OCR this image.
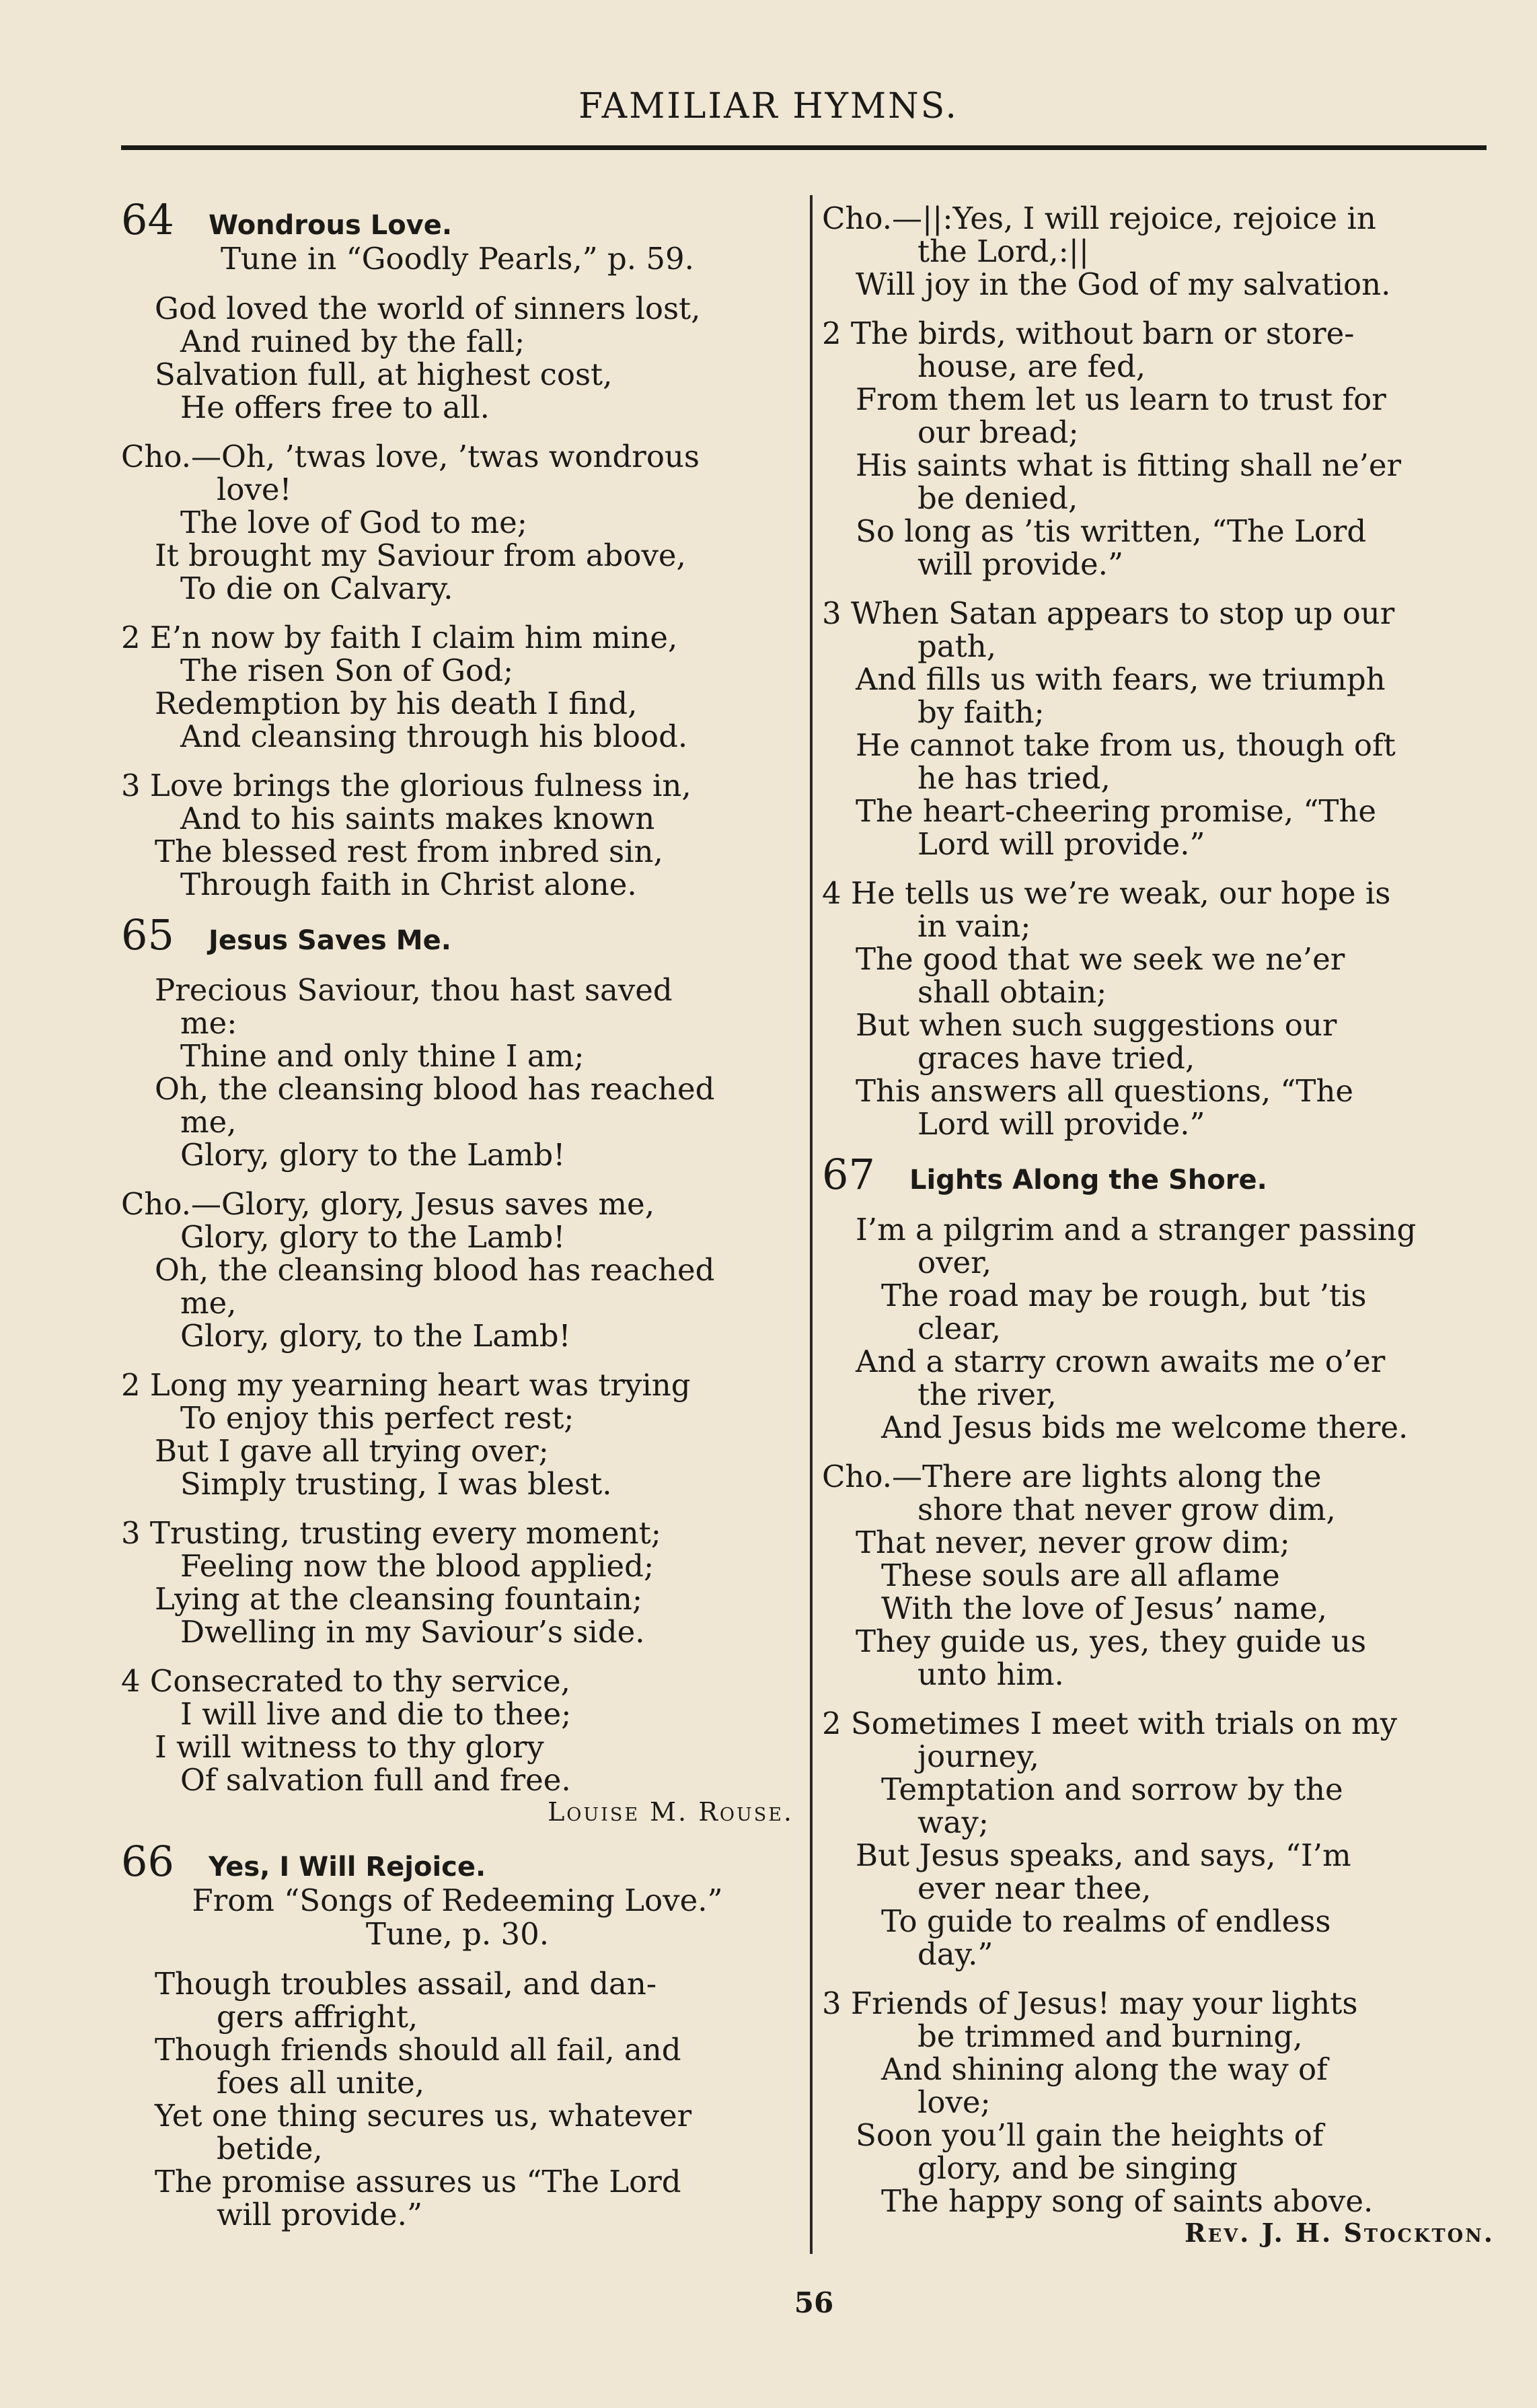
FAMILIAR HYMNS.
64	Wondrous Love.
Tune in “Goodly Pearls,” p. 59.
God loved the world of sinners lost,
And ruined by the fall;
Salvation full, at highest cost,
He offers free to all.
Cho.—Oh, ’twas love, ’twas wondrous
love!
The love of God to me;
It brought my Saviour from above,
To die on Calvary.
2 E’n now by faith I claim him mine,
The risen Son of God;
Redemption by his death I find,
And cleansing through his blood.
3 Love brings the glorious fulness in,
And to his saints makes known
The blessed rest from inbred sin,
Through faith in Christ alone.
65	Jesus Saves Me.
Precious Saviour, thou hast saved
me:
Thine and only thine I am;
Oh, the cleansing blood has reached
me,
Glory, glory to the Lamb!
Cho.—Glory, glory, Jesus saves me,
Glory, glory to the Lamb!
Oh, the cleansing blood has reached
me,
Glory, glory, to the Lamb!
2 Long my yearning heart was trying
To enjoy this perfect rest;
But I gave all trying over;
Simply trusting, I was blest.
3 Trusting, trusting every moment;
Feeling now the blood applied;
Lying at the cleansing fountain;
Dwelling in my Saviour’s side.
4 Consecrated to thy service,
I will live and die to thee;
I will witness to thy glory
Of salvation full and free.
Louise M. Rouse.
66	Yes, I Will Rejoice.
From “Songs of Redeeming Love.”
Tune, p. 30.
Though troubles assail, and dan-
gers affright,
Though friends should all fail, and
foes all unite,
Yet one thing secures us, whatever
betide,
The promise assures us “The Lord
will provide.”
Cho.—||:Yes, I will rejoice, rejoice in
the Lord,:||
Will joy in the God of my salvation.
2 The birds, without barn or store-
house, are fed,
From them let us learn to trust for
our bread;
His saints what is fitting shall ne’er
be denied,
So long as ’tis written, “The Lord
will provide.”
3 When Satan appears to stop up our
path,
And fills us with fears, we triumph
by faith;
He cannot take from us, though oft
he has tried,
The heart-cheering promise, “The
Lord will provide.”
4 He tells us we’re weak, our hope is
in vain;
The good that we seek we ne’er
shall obtain;
But when such suggestions our
graces have tried,
This answers all questions, “The
Lord will provide.”
67	Lights Along the Shore.
I’m a pilgrim and a stranger passing
over,
The road may be rough, but ’tis
clear,
And a starry crown awaits me o’er
the river,
And Jesus bids me welcome there.
Cho.—There are lights along the
shore that never grow dim,
That never, never grow dim;
These souls are all aflame
With the love of Jesus’ name,
They guide us, yes, they guide us
unto him.
2 Sometimes I meet with trials on my
journey,
Temptation and sorrow by the
way;
But Jesus speaks, and says, “I’m
ever near thee,
To guide to realms of endless
day.”
3 Friends of Jesus! may your lights
be trimmed and burning,
And shining along the way of
love;
Soon you’ll gain the heights of
glory, and be singing
The happy song of saints above.
Rev. J. H. Stockton.
56
